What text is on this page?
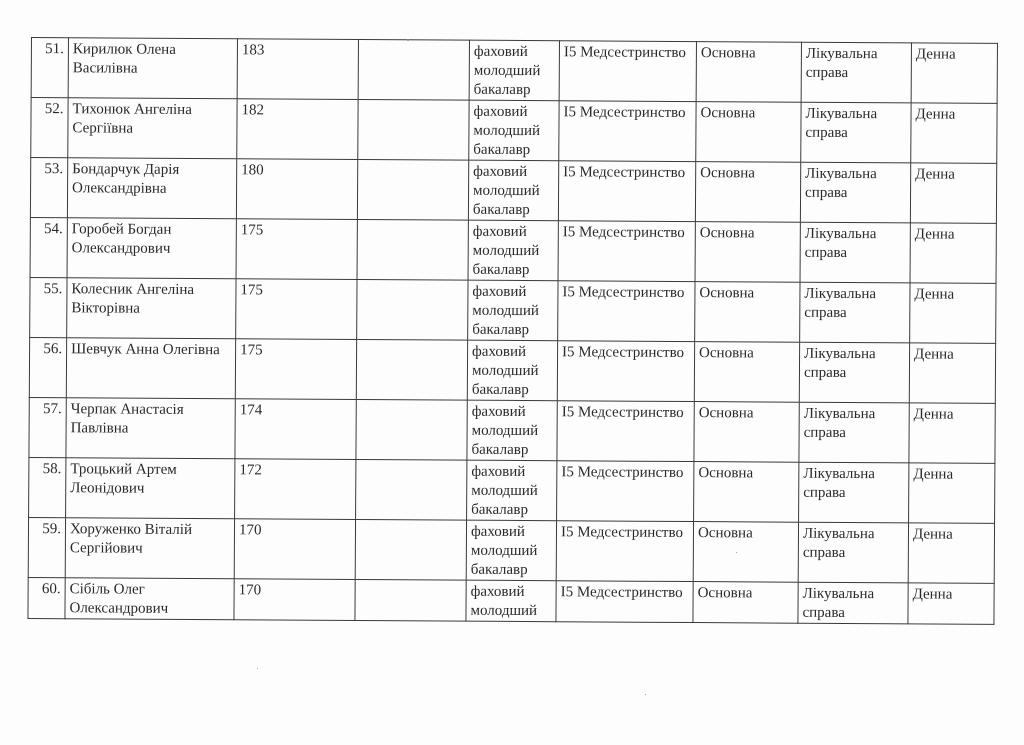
51.	Кирилюк Олена Василівна	183		фаховий молодший бакалавр	I5 Медсестринство	Основна	Лікувальна справа	Денна
52.	Тихонюк Ангеліна Сергіївна	182		фаховий молодший бакалавр	I5 Медсестринство	Основна	Лікувальна справа	Денна
53.	Бондарчук Дарія Олександрівна	180		фаховий молодший бакалавр	I5 Медсестринство	Основна	Лікувальна справа	Денна
54.	Горобей Богдан Олександрович	175		фаховий молодший бакалавр	I5 Медсестринство	Основна	Лікувальна справа	Денна
55.	Колесник Ангеліна Вікторівна	175		фаховий молодший бакалавр	I5 Медсестринство	Основна	Лікувальна справа	Денна
56.	Шевчук Анна Олегівна	175		фаховий молодший бакалавр	I5 Медсестринство	Основна	Лікувальна справа	Денна
57.	Черпак Анастасія Павлівна	174		фаховий молодший бакалавр	I5 Медсестринство	Основна	Лікувальна справа	Денна
58.	Троцький Артем Леонідович	172		фаховий молодший бакалавр	I5 Медсестринство	Основна	Лікувальна справа	Денна
59.	Хоруженко Віталій Сергійович	170		фаховий молодший бакалавр	I5 Медсестринство	Основна	Лікувальна справа	Денна
60.	Сібіль Олег Олександрович	170		фаховий молодший	I5 Медсестринство	Основна	Лікувальна справа	Денна
